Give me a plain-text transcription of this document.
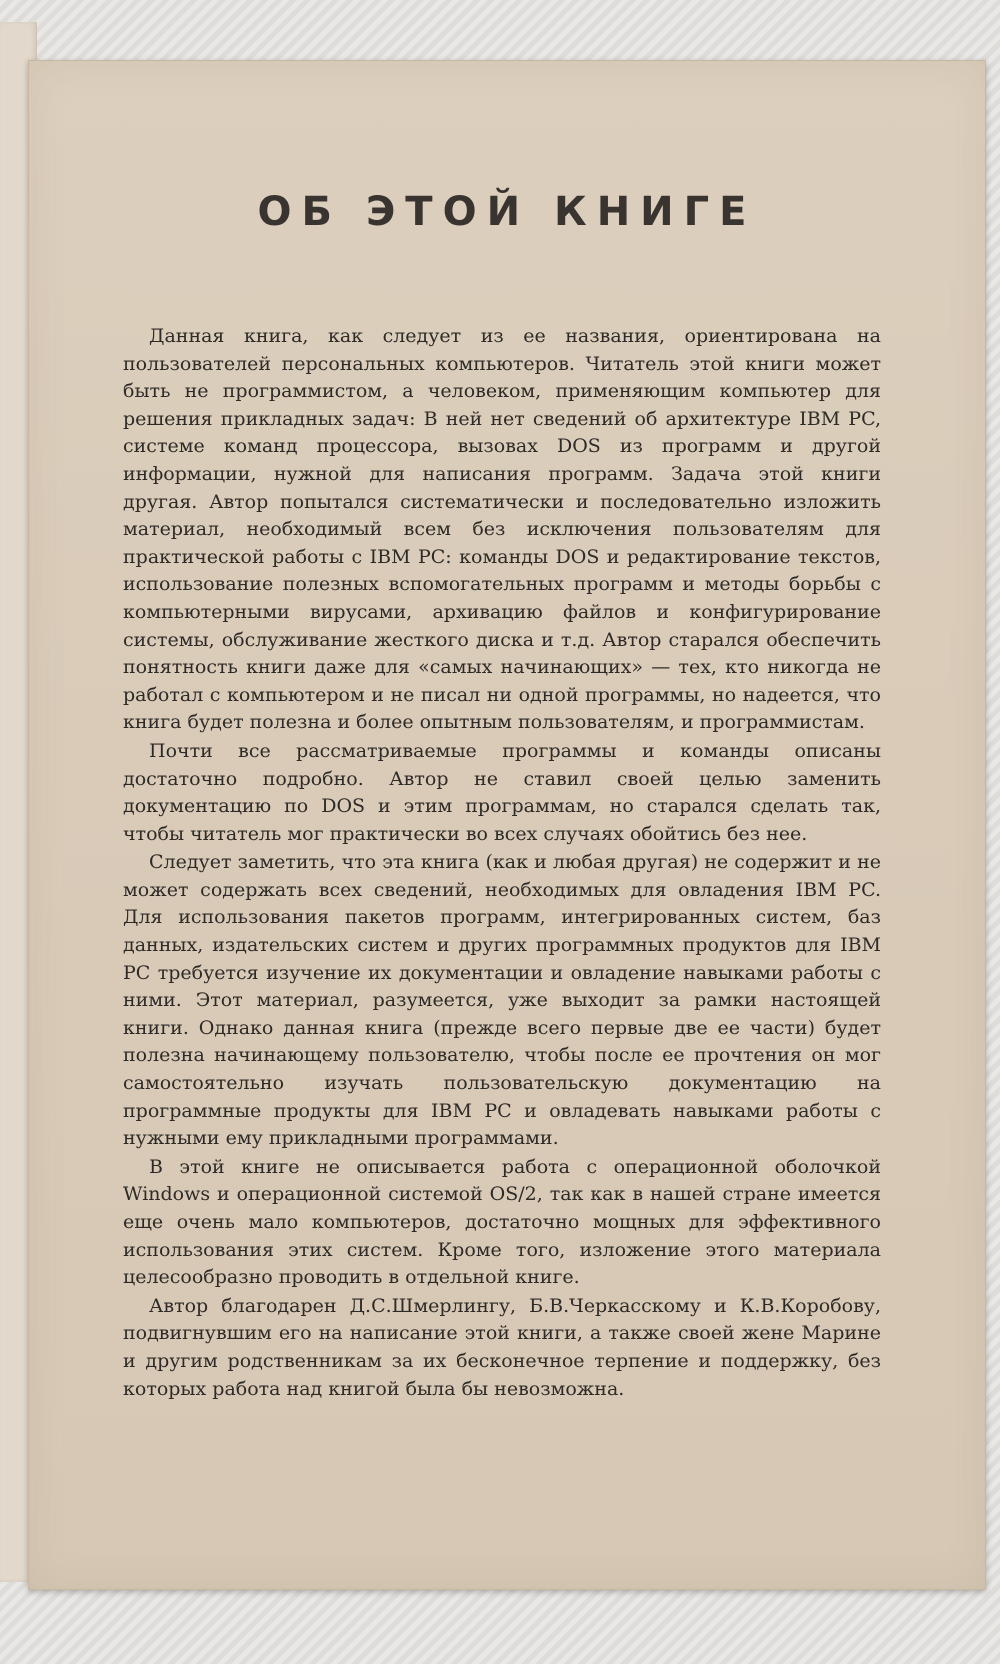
ОБ ЭТОЙ КНИГЕ

Данная книга, как следует из ее названия, ориентирована на пользователей персональных компьютеров. Читатель этой книги может быть не программистом, а человеком, применяющим компьютер для решения прикладных задач: В ней нет сведений об архитектуре IBM PC, системе команд процессора, вызовах DOS из программ и другой информации, нужной для написания программ. Задача этой книги другая. Автор попытался систематически и последовательно изложить материал, необходимый всем без исключения пользователям для практической работы с IBM PC: команды DOS и редактирование текстов, использование полезных вспомогательных программ и методы борьбы с компьютерными вирусами, архивацию файлов и конфигурирование системы, обслуживание жесткого диска и т.д. Автор старался обеспечить понятность книги даже для «самых начинающих» — тех, кто никогда не работал с компьютером и не писал ни одной программы, но надеется, что книга будет полезна и более опытным пользователям, и программистам.

Почти все рассматриваемые программы и команды описаны достаточно подробно. Автор не ставил своей целью заменить документацию по DOS и этим программам, но старался сделать так, чтобы читатель мог практически во всех случаях обойтись без нее.

Следует заметить, что эта книга (как и любая другая) не содержит и не может содержать всех сведений, необходимых для овладения IBM PC. Для использования пакетов программ, интегрированных систем, баз данных, издательских систем и других программных продуктов для IBM PC требуется изучение их документации и овладение навыками работы с ними. Этот материал, разумеется, уже выходит за рамки настоящей книги. Однако данная книга (прежде всего первые две ее части) будет полезна начинающему пользователю, чтобы после ее прочтения он мог самостоятельно изучать пользовательскую документацию на программные продукты для IBM PC и овладевать навыками работы с нужными ему прикладными программами.

В этой книге не описывается работа с операционной оболочкой Windows и операционной системой OS/2, так как в нашей стране имеется еще очень мало компьютеров, достаточно мощных для эффективного использования этих систем. Кроме того, изложение этого материала целесообразно проводить в отдельной книге.

Автор благодарен Д.С.Шмерлингу, Б.В.Черкасскому и К.В.Коробову, подвигнувшим его на написание этой книги, а также своей жене Марине и другим родственникам за их бесконечное терпение и поддержку, без которых работа над книгой была бы невозможна.
